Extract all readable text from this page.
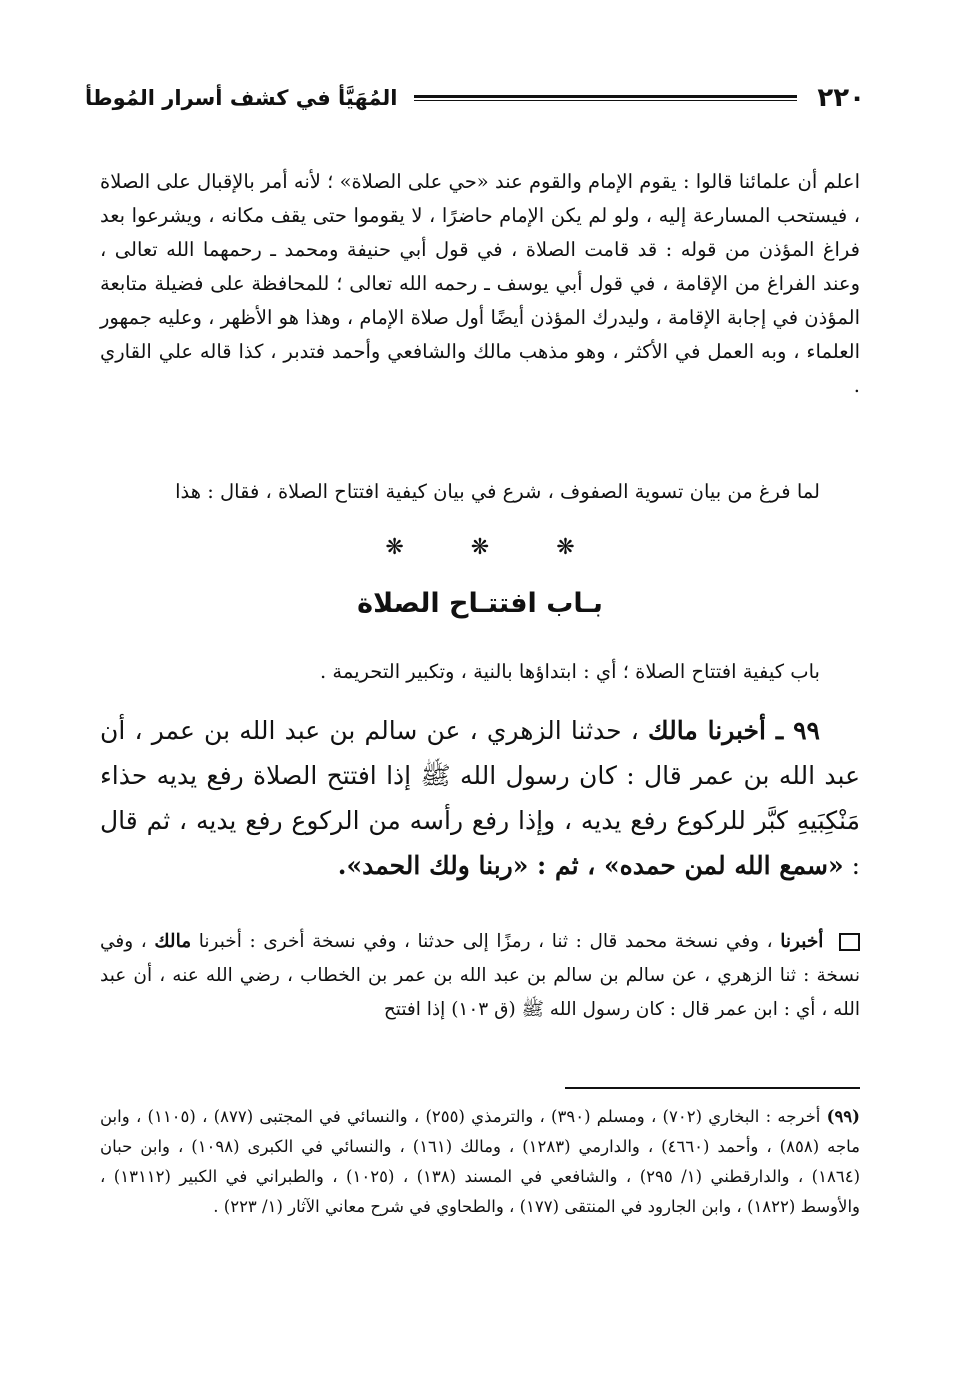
٢٢٠
المُهَيَّأ في كشف أسرار المُوطأ

اعلم أن علمائنا قالوا : يقوم الإمام والقوم عند «حي على الصلاة» ؛ لأنه أمر بالإقبال على الصلاة ، فيستحب المسارعة إليه ، ولو لم يكن الإمام حاضرًا ، لا يقوموا حتى يقف مكانه ، ويشرعوا بعد فراغ المؤذن من قوله : قد قامت الصلاة ، في قول أبي حنيفة ومحمد ـ رحمهما الله تعالى ، وعند الفراغ من الإقامة ، في قول أبي يوسف ـ رحمه الله تعالى ؛ للمحافظة على فضيلة متابعة المؤذن في إجابة الإقامة ، وليدرك المؤذن أيضًا أول صلاة الإمام ، وهذا هو الأظهر ، وعليه جمهور العلماء ، وبه العمل في الأكثر ، وهو مذهب مالك والشافعي وأحمد فتدبر ، كذا قاله علي القاري .

لما فرغ من بيان تسوية الصفوف ، شرع في بيان كيفية افتتاح الصلاة ، فقال : هذا

❋	❋	❋
بـاب افتتـاح الصلاة

باب كيفية افتتاح الصلاة ؛ أي : ابتداؤها بالنية ، وتكبير التحريمة .

٩٩ ـ أخبرنا مالك ، حدثنا الزهري ، عن سالم بن عبد الله بن عمر ، أن عبد الله بن عمر قال : كان رسول الله ﷺ إذا افتتح الصلاة رفع يديه حذاء مَنْكِبَيهِ كبَّر للركوع رفع يديه ، وإذا رفع رأسه من الركوع رفع يديه ، ثم قال : «سمع الله لمن حمده» ، ثم : «ربنا ولك الحمد».

أخبرنا ، وفي نسخة محمد قال : ثنا ، رمزًا إلى حدثنا ، وفي نسخة أخرى : أخبرنا مالك ، وفي نسخة : ثنا الزهري ، عن سالم بن سالم بن عبد الله بن عمر بن الخطاب ، رضي الله عنه ، أن عبد الله ، أي : ابن عمر قال : كان رسول الله ﷺ (ق ١٠٣) إذا افتتح

(٩٩) أخرجه : البخاري (٧٠٢) ، ومسلم (٣٩٠) ، والترمذي (٢٥٥) ، والنسائي في المجتبى (٨٧٧) ، (١١٠٥) ، وابن ماجه (٨٥٨) ، وأحمد (٤٦٦٠) ، والدارمي (١٢٨٣) ، ومالك (١٦١) ، والنسائي في الكبرى (١٠٩٨) ، وابن حبان (١٨٦٤) ، والدارقطني (١/ ٢٩٥) ، والشافعي في المسند (١٣٨) ، (١٠٢٥) ، والطبراني في الكبير (١٣١١٢) ، والأوسط (١٨٢٢) ، وابن الجارود في المنتقى (١٧٧) ، والطحاوي في شرح معاني الآثار (١/ ٢٢٣) .
